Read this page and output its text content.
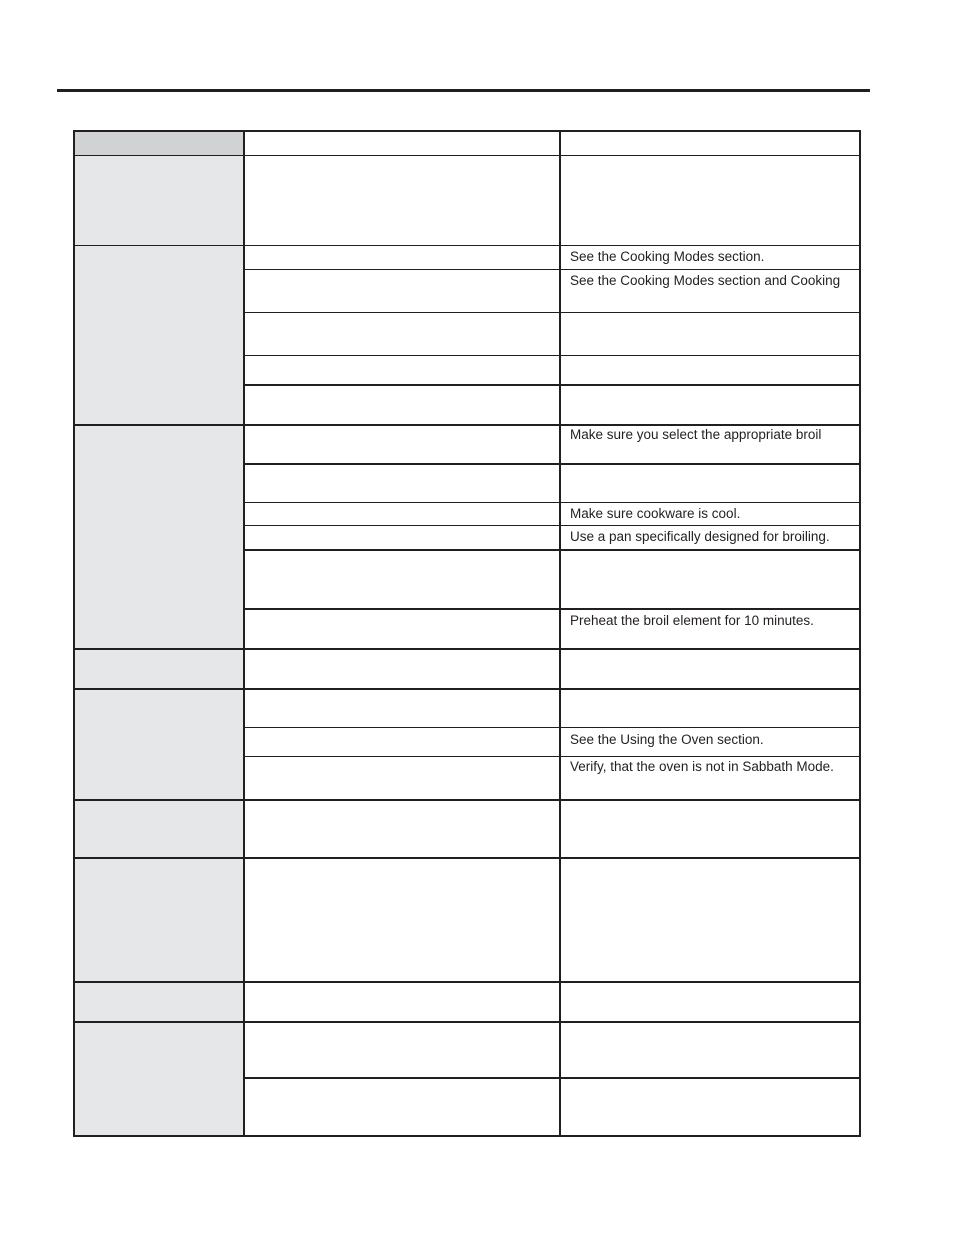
See the Cooking Modes section.
See the Cooking Modes section and Cooking
Make sure you select the appropriate broil
Make sure cookware is cool.
Use a pan specifically designed for broiling.
Preheat the broil element for 10 minutes.
See the Using the Oven section.
Verify, that the oven is not in Sabbath Mode.
